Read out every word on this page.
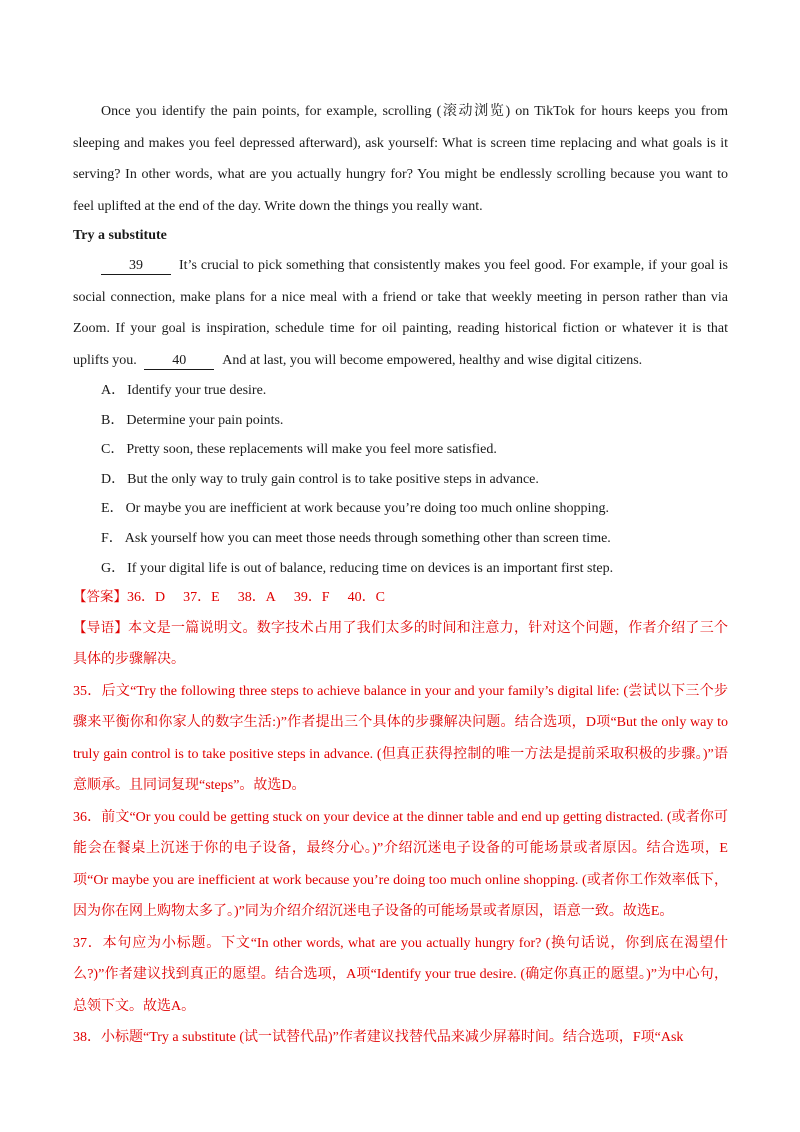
Once you identify the pain points, for example, scrolling (滚动浏览) on TikTok for hours keeps you from sleeping and makes you feel depressed afterward), ask yourself: What is screen time replacing and what goals is it serving? In other words, what are you actually hungry for? You might be endlessly scrolling because you want to feel uplifted at the end of the day. Write down the things you really want.

Try a substitute

39	It’s crucial to pick something that consistently makes you feel good. For example, if your goal is social connection, make plans for a nice meal with a friend or take that weekly meeting in person rather than via Zoom. If your goal is inspiration, schedule time for oil painting, reading historical fiction or whatever it is that uplifts you.	40	And at last, you will become empowered, healthy and wise digital citizens.

A． Identify your true desire.

B． Determine your pain points.

C． Pretty soon, these replacements will make you feel more satisfied.

D． But the only way to truly gain control is to take positive steps in advance.

E． Or maybe you are inefficient at work because you’re doing too much online shopping.

F． Ask yourself how you can meet those needs through something other than screen time.

G． If your digital life is out of balance, reducing time on devices is an important first step.

【答案】36．D 37．E 38．A 39．F 40．C

【导语】本文是一篇说明文。数字技术占用了我们太多的时间和注意力，针对这个问题，作者介绍了三个具体的步骤解决。

35．后文“Try the following three steps to achieve balance in your and your family’s digital life: (尝试以下三个步骤来平衡你和你家人的数字生活:)”作者提出三个具体的步骤解决问题。结合选项，D项“But the only way to truly gain control is to take positive steps in advance. (但真正获得控制的唯一方法是提前采取积极的步骤。)”语意顺承。且同词复现“steps”。故选D。

36．前文“Or you could be getting stuck on your device at the dinner table and end up getting distracted. (或者你可能会在餐桌上沉迷于你的电子设备，最终分心。)”介绍沉迷电子设备的可能场景或者原因。结合选项，E项“Or maybe you are inefficient at work because you’re doing too much online shopping. (或者你工作效率低下，因为你在网上购物太多了。)”同为介绍介绍沉迷电子设备的可能场景或者原因，语意一致。故选E。

37．本句应为小标题。下文“In other words, what are you actually hungry for? (换句话说，你到底在渴望什么?)”作者建议找到真正的愿望。结合选项，A项“Identify your true desire. (确定你真正的愿望。)”为中心句，总领下文。故选A。

38．小标题“Try a substitute (试一试替代品)”作者建议找替代品来减少屏幕时间。结合选项，F项“Ask
